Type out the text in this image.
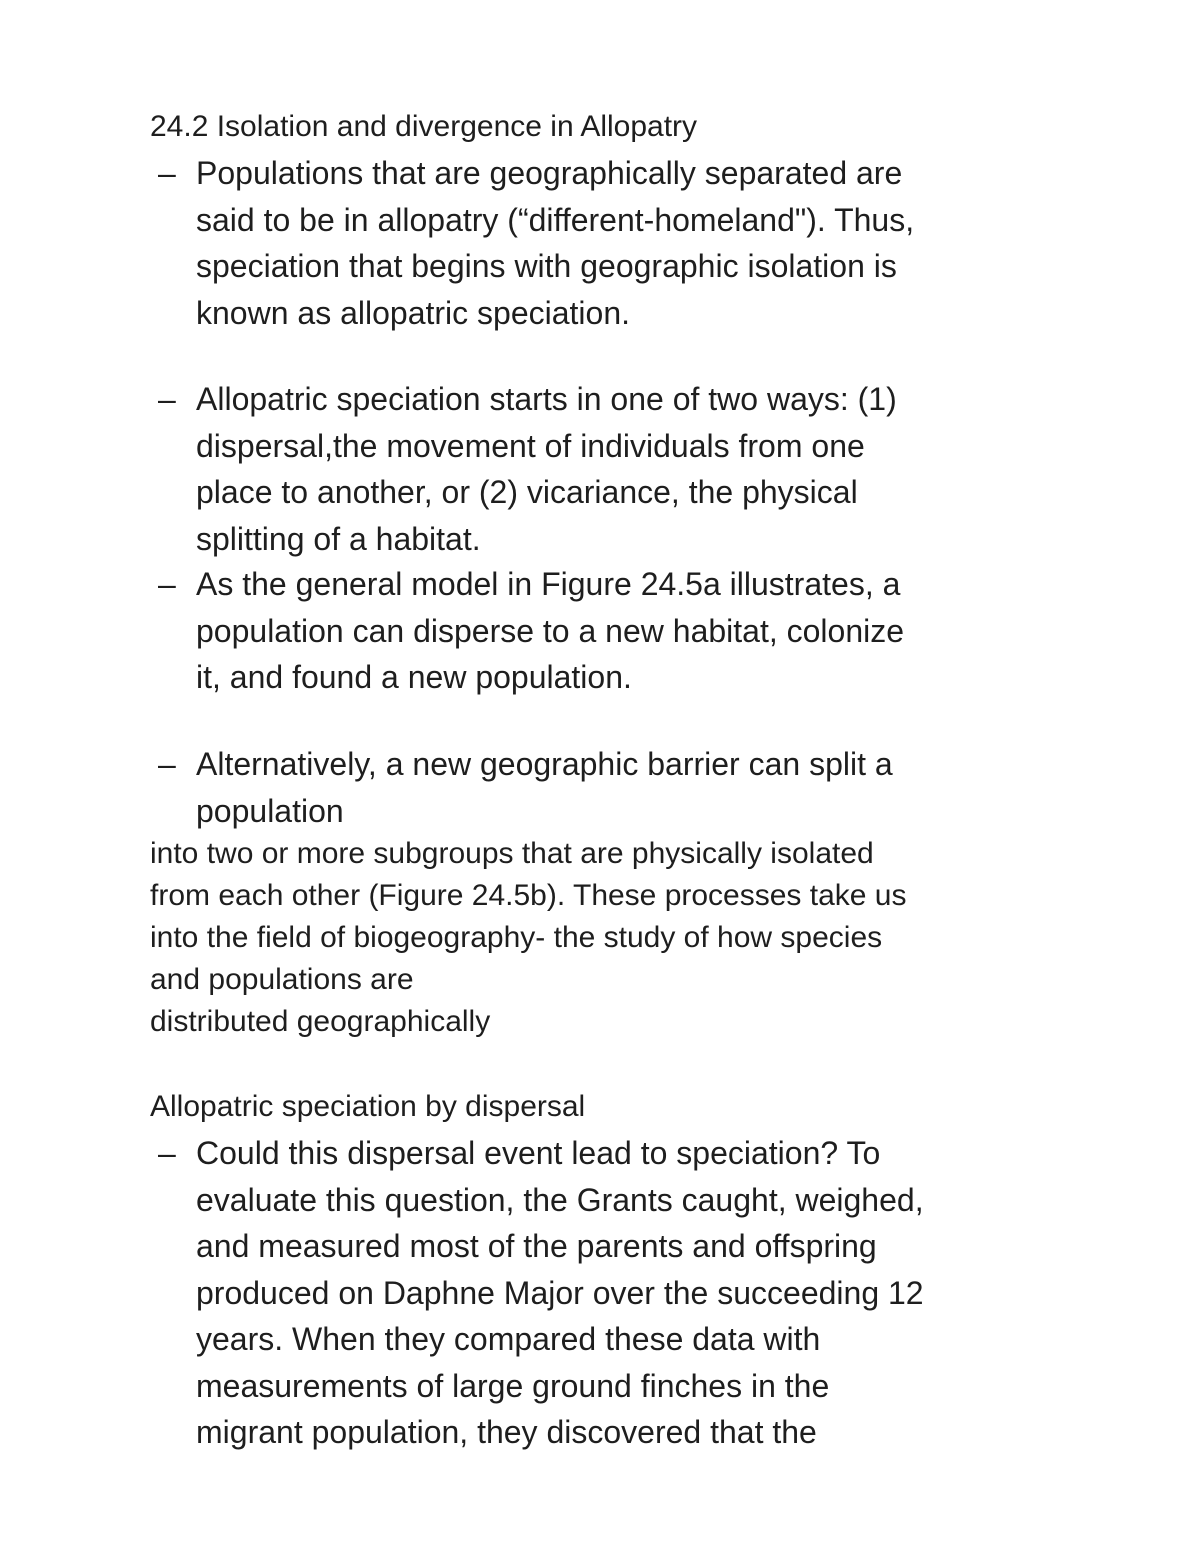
24.2 Isolation and divergence in Allopatry
– Populations that are geographically separated are
said to be in allopatry (“different-homeland"). Thus,
speciation that begins with geographic isolation is
known as allopatric speciation.
– Allopatric speciation starts in one of two ways: (1)
dispersal,the movement of individuals from one
place to another, or (2) vicariance, the physical
splitting of a habitat.
– As the general model in Figure 24.5a illustrates, a
population can disperse to a new habitat, colonize
it, and found a new population.
– Alternatively, a new geographic barrier can split a
population
into two or more subgroups that are physically isolated
from each other (Figure 24.5b). These processes take us
into the field of biogeography- the study of how species
and populations are
distributed geographically
Allopatric speciation by dispersal
– Could this dispersal event lead to speciation? To
evaluate this question, the Grants caught, weighed,
and measured most of the parents and offspring
produced on Daphne Major over the succeeding 12
years. When they compared these data with
measurements of large ground finches in the
migrant population, they discovered that the
